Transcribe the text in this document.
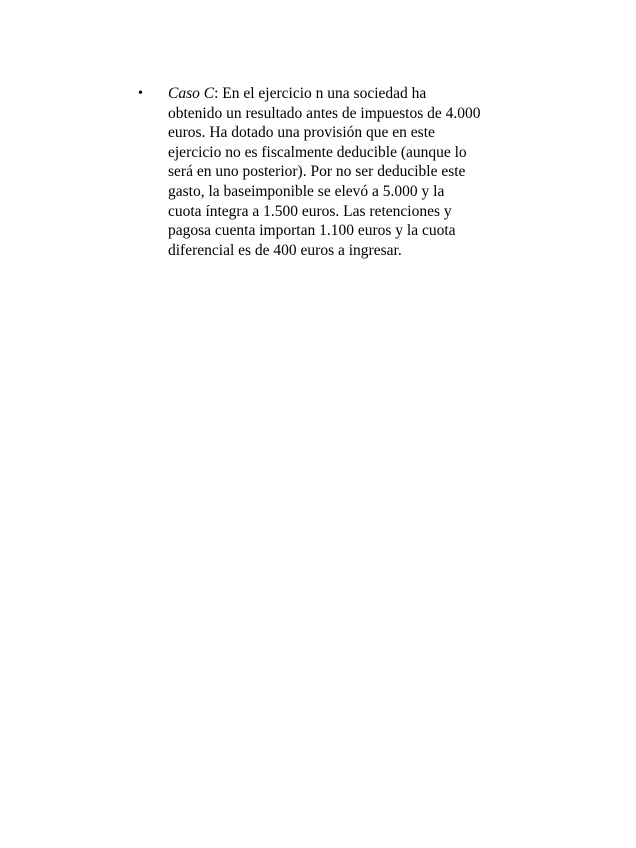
•	Caso C: En el ejercicio n una sociedad ha
obtenido un resultado antes de impuestos de 4.000
euros. Ha dotado una provisión que en este
ejercicio no es fiscalmente deducible (aunque lo
será en uno posterior). Por no ser deducible este
gasto, la baseimponible se elevó a 5.000 y la
cuota íntegra a 1.500 euros. Las retenciones y
pagosa cuenta importan 1.100 euros y la cuota
diferencial es de 400 euros a ingresar.
